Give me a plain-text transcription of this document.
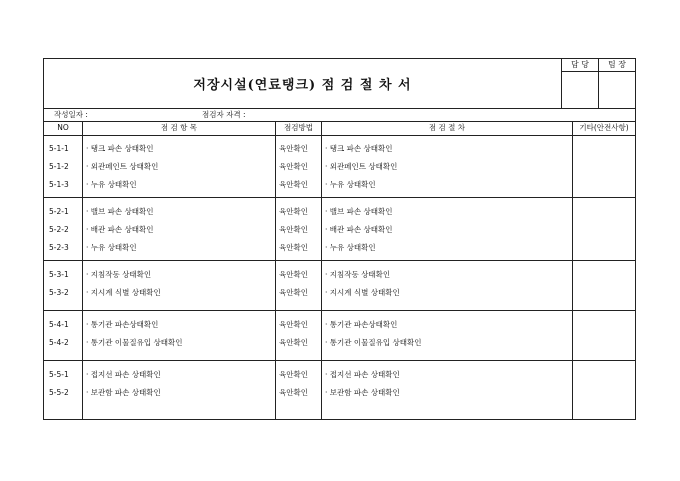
저장시설(연료탱크) 점 검 절 차 서
담 당	팀 장
작성일자 :	점검자 자격 :
NO	점 검 항 목	점검방법	점 검 절 차	기타(안전사항)
5-1-1 · 탱크 파손 상태확인	육안확인 · 탱크 파손 상태확인
5-1-2 · 외관페인트 상태확인	육안확인 · 외관페인트 상태확인
5-1-3 · 누유 상태확인	육안확인 · 누유 상태확인
5-2-1 · 밸브 파손 상태확인	육안확인 · 밸브 파손 상태확인
5-2-2 · 배관 파손 상태확인	육안확인 · 배관 파손 상태확인
5-2-3 · 누유 상태확인	육안확인 · 누유 상태확인
5-3-1 · 지침작동 상태확인	육안확인 · 지침작동 상태확인
5-3-2 · 지시계 식별 상태확인	육안확인 · 지시계 식별 상태확인
5-4-1 · 통기관 파손상태확인	육안확인 · 통기관 파손상태확인
5-4-2 · 통기관 이물질유입 상태확인	육안확인 · 통기관 이물질유입 상태확인
5-5-1 · 접지선 파손 상태확인	육안확인 · 접지선 파손 상태확인
5-5-2 · 보관함 파손 상태확인	육안확인 · 보관함 파손 상태확인
